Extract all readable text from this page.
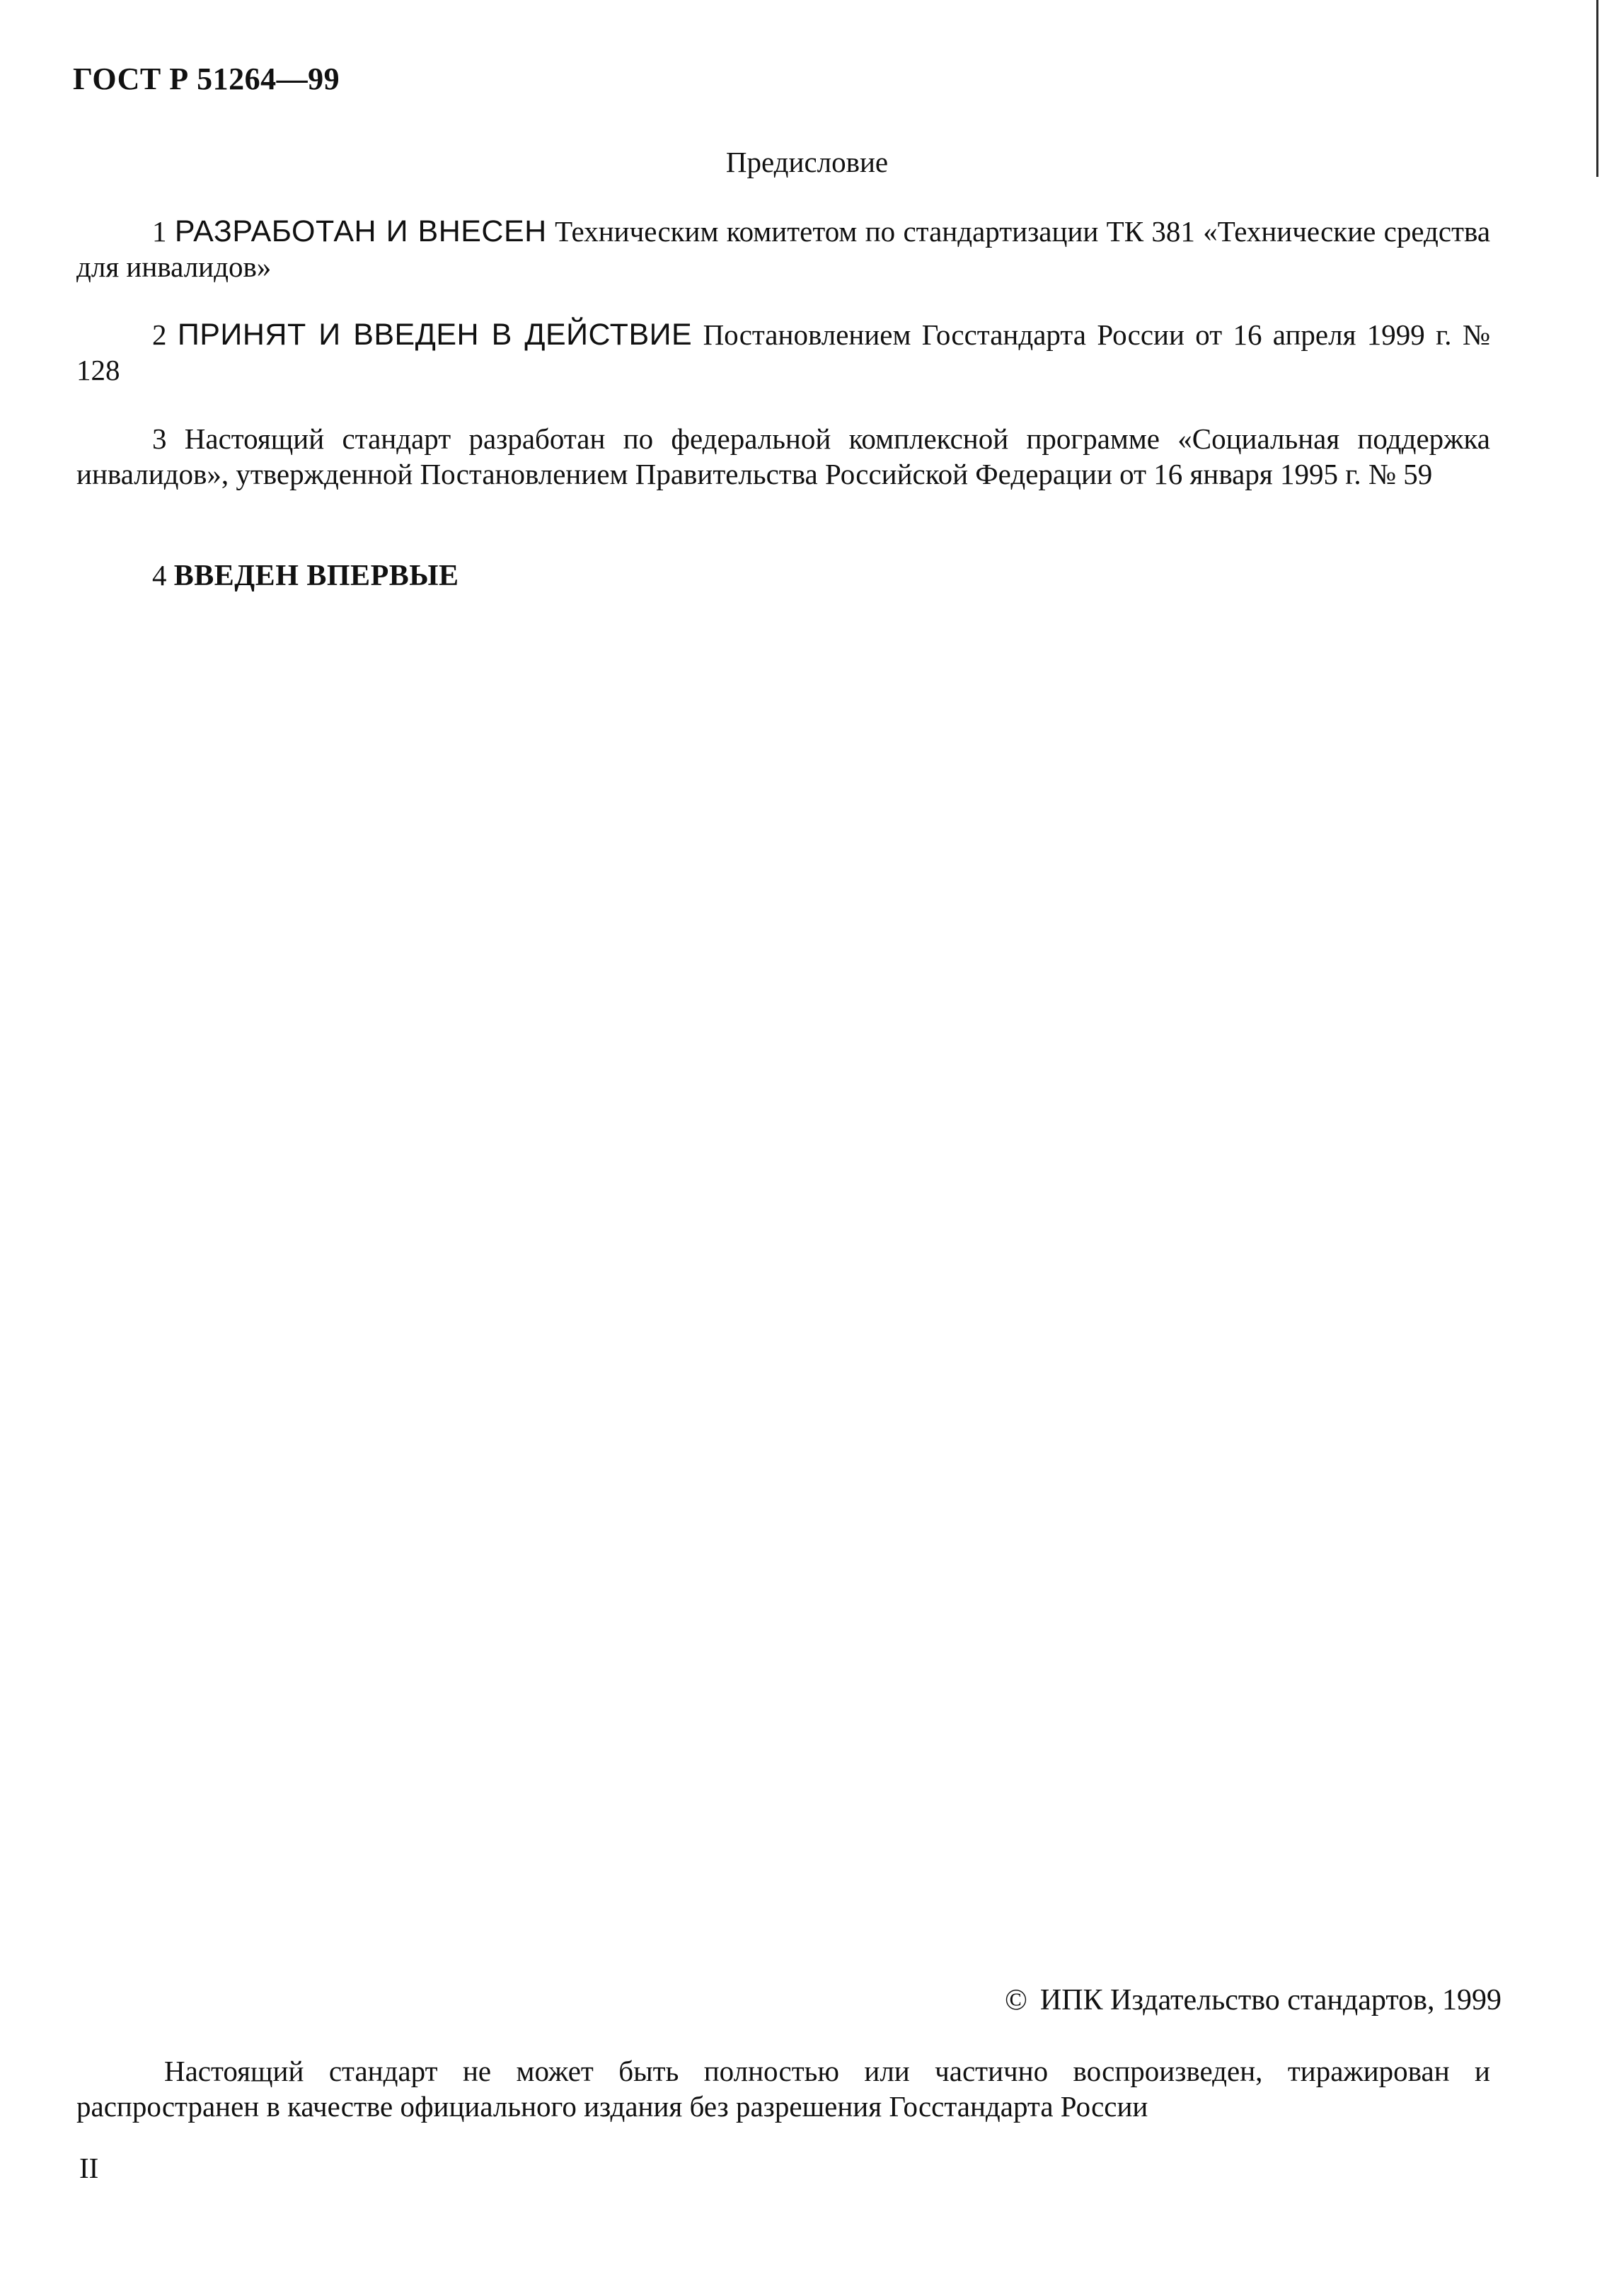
ГОСТ Р 51264—99
Предисловие

1 РАЗРАБОТАН И ВНЕСЕН Техническим комитетом по стандартизации ТК 381 «Технические средства для инвалидов»

2 ПРИНЯТ И ВВЕДЕН В ДЕЙСТВИЕ Постановлением Госстандарта России от 16 апреля 1999 г. № 128

3 Настоящий стандарт разработан по федеральной комплексной программе «Социальная поддержка инвалидов», утвержденной Постановлением Правительства Российской Федерации от 16 января 1995 г. № 59

4 ВВЕДЕН ВПЕРВЫЕ

© ИПК Издательство стандартов, 1999

Настоящий стандарт не может быть полностью или частично воспроизведен, тиражирован и распространен в качестве официального издания без разрешения Госстандарта России

II
